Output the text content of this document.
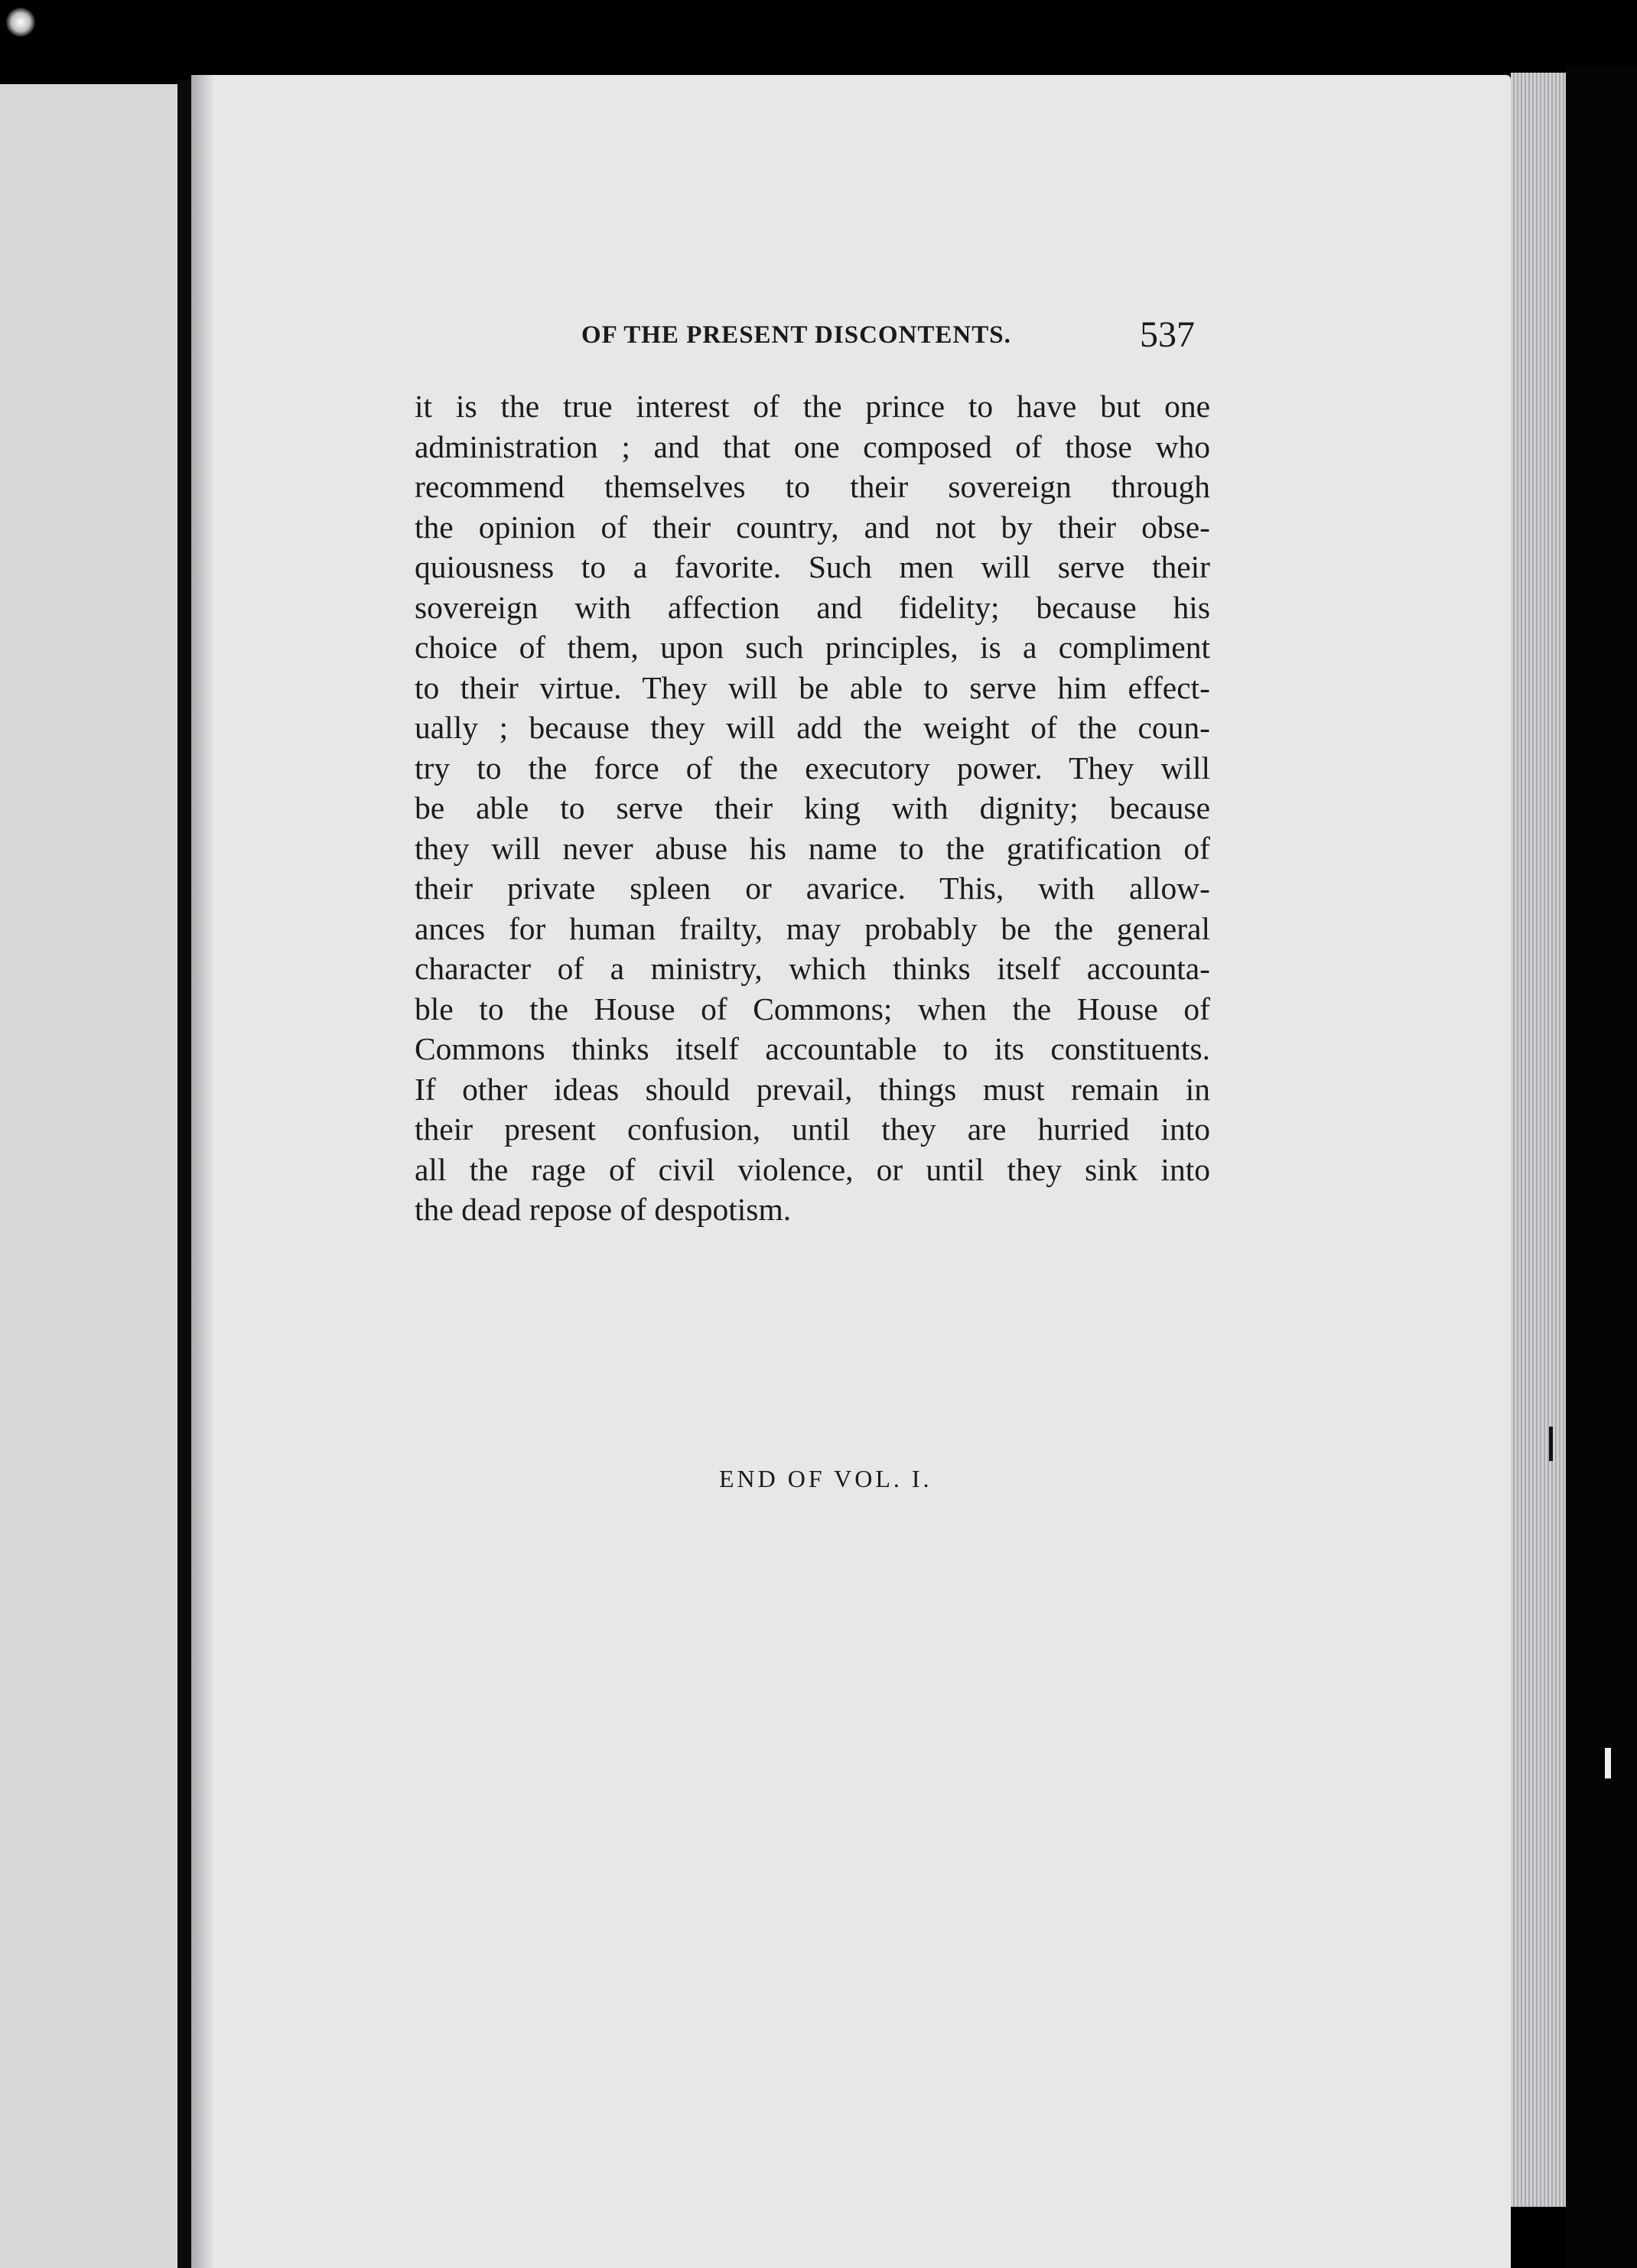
OF THE PRESENT DISCONTENTS.	537
it is the true interest of the prince to have but one
administration ; and that one composed of those who
recommend themselves to their sovereign through
the opinion of their country, and not by their obse-
quiousness to a favorite. Such men will serve their
sovereign with affection and fidelity; because his
choice of them, upon such principles, is a compliment
to their virtue. They will be able to serve him effect-
ually ; because they will add the weight of the coun-
try to the force of the executory power. They will
be able to serve their king with dignity; because
they will never abuse his name to the gratification of
their private spleen or avarice. This, with allow-
ances for human frailty, may probably be the general
character of a ministry, which thinks itself accounta-
ble to the House of Commons; when the House of
Commons thinks itself accountable to its constituents.
If other ideas should prevail, things must remain in
their present confusion, until they are hurried into
all the rage of civil violence, or until they sink into
the dead repose of despotism.
END OF VOL. I.
